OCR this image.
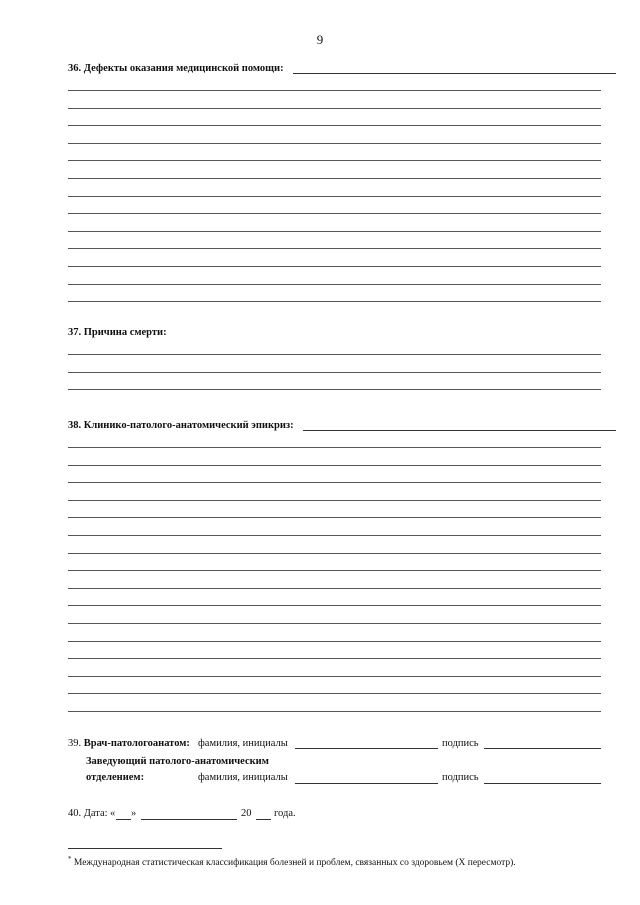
9
36. Дефекты оказания медицинской помощи:
37. Причина смерти:
38. Клинико-патолого-анатомический эпикриз:
39. Врач-патологоанатом: фамилия, инициалы	подпись
Заведующий патолого-анатомическим
отделением:	фамилия, инициалы	подпись
40. Дата: « »	20 года.
* Международная статистическая классификация болезней и проблем, связанных со здоровьем (X пересмотр).
